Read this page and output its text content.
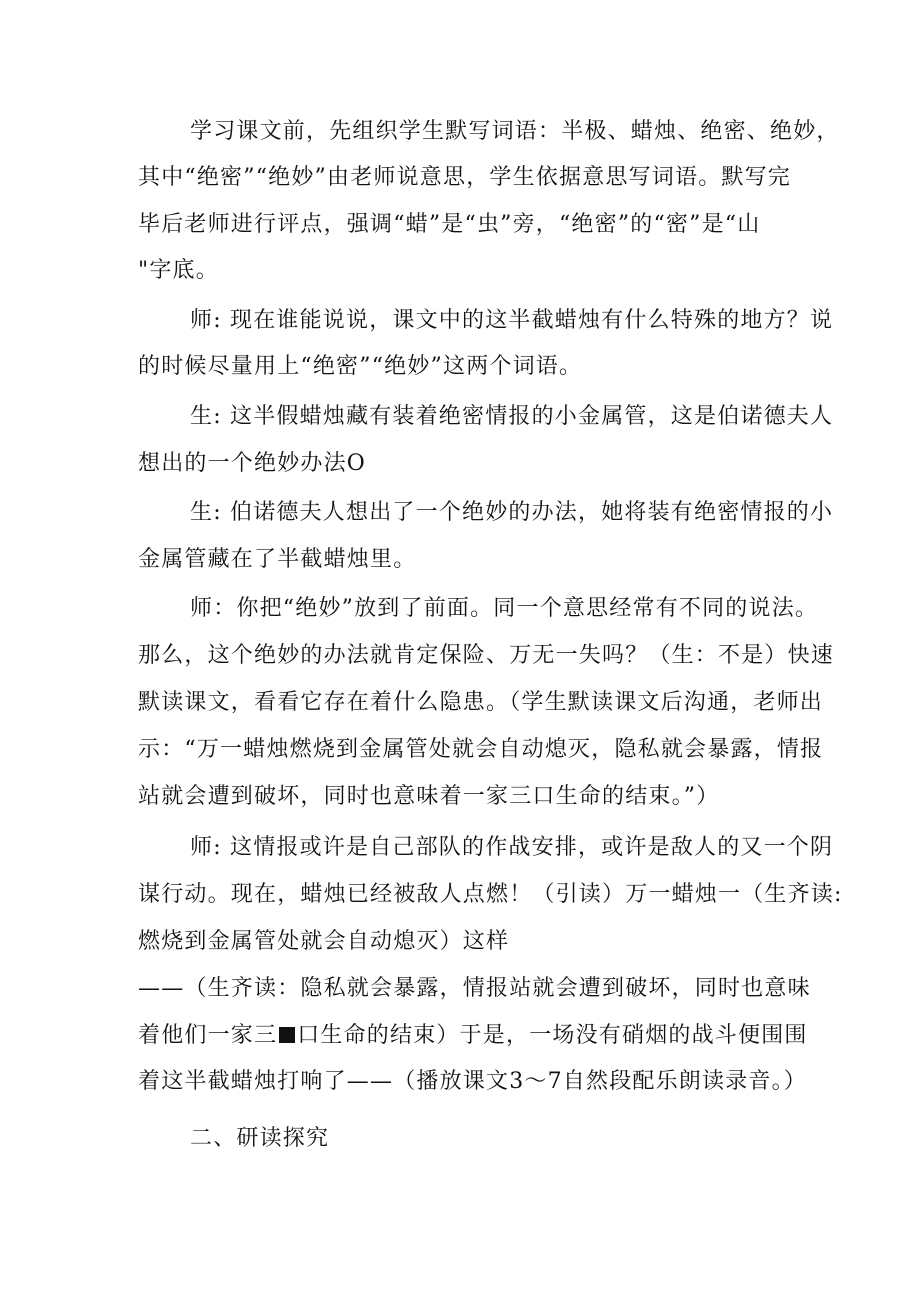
学习课文前，先组织学生默写词语：半极、蜡烛、绝密、绝妙，
其中“绝密”“绝妙”由老师说意思，学生依据意思写词语。默写完
毕后老师进行评点，强调“蜡”是“虫”旁，“绝密”的“密”是“山
"字底。
师: 现在谁能说说，课文中的这半截蜡烛有什么特殊的地方？说
的时候尽量用上“绝密”“绝妙”这两个词语。
生: 这半假蜡烛藏有装着绝密情报的小金属管，这是伯诺德夫人
想出的一个绝妙办法O
生: 伯诺德夫人想出了一个绝妙的办法，她将装有绝密情报的小
金属管藏在了半截蜡烛里。
师：你把“绝妙”放到了前面。同一个意思经常有不同的说法。
那么，这个绝妙的办法就肯定保险、万无一失吗？（生：不是）快速
默读课文，看看它存在着什么隐患。（学生默读课文后沟通，老师出
示：“万一蜡烛燃烧到金属管处就会自动熄灭，隐私就会暴露，情报
站就会遭到破坏，同时也意味着一家三口生命的结束。”）
师: 这情报或许是自己部队的作战安排，或许是敌人的又一个阴
谋行动。现在，蜡烛已经被敌人点燃！（引读）万一蜡烛一（生齐读:
燃烧到金属管处就会自动熄灭）这样
——（生齐读：隐私就会暴露，情报站就会遭到破坏，同时也意味
着他们一家三 口生命的结束）于是，一场没有硝烟的战斗便围围
着这半截蜡烛打响了——（播放课文3〜7自然段配乐朗读录音。）
二、研读探究
